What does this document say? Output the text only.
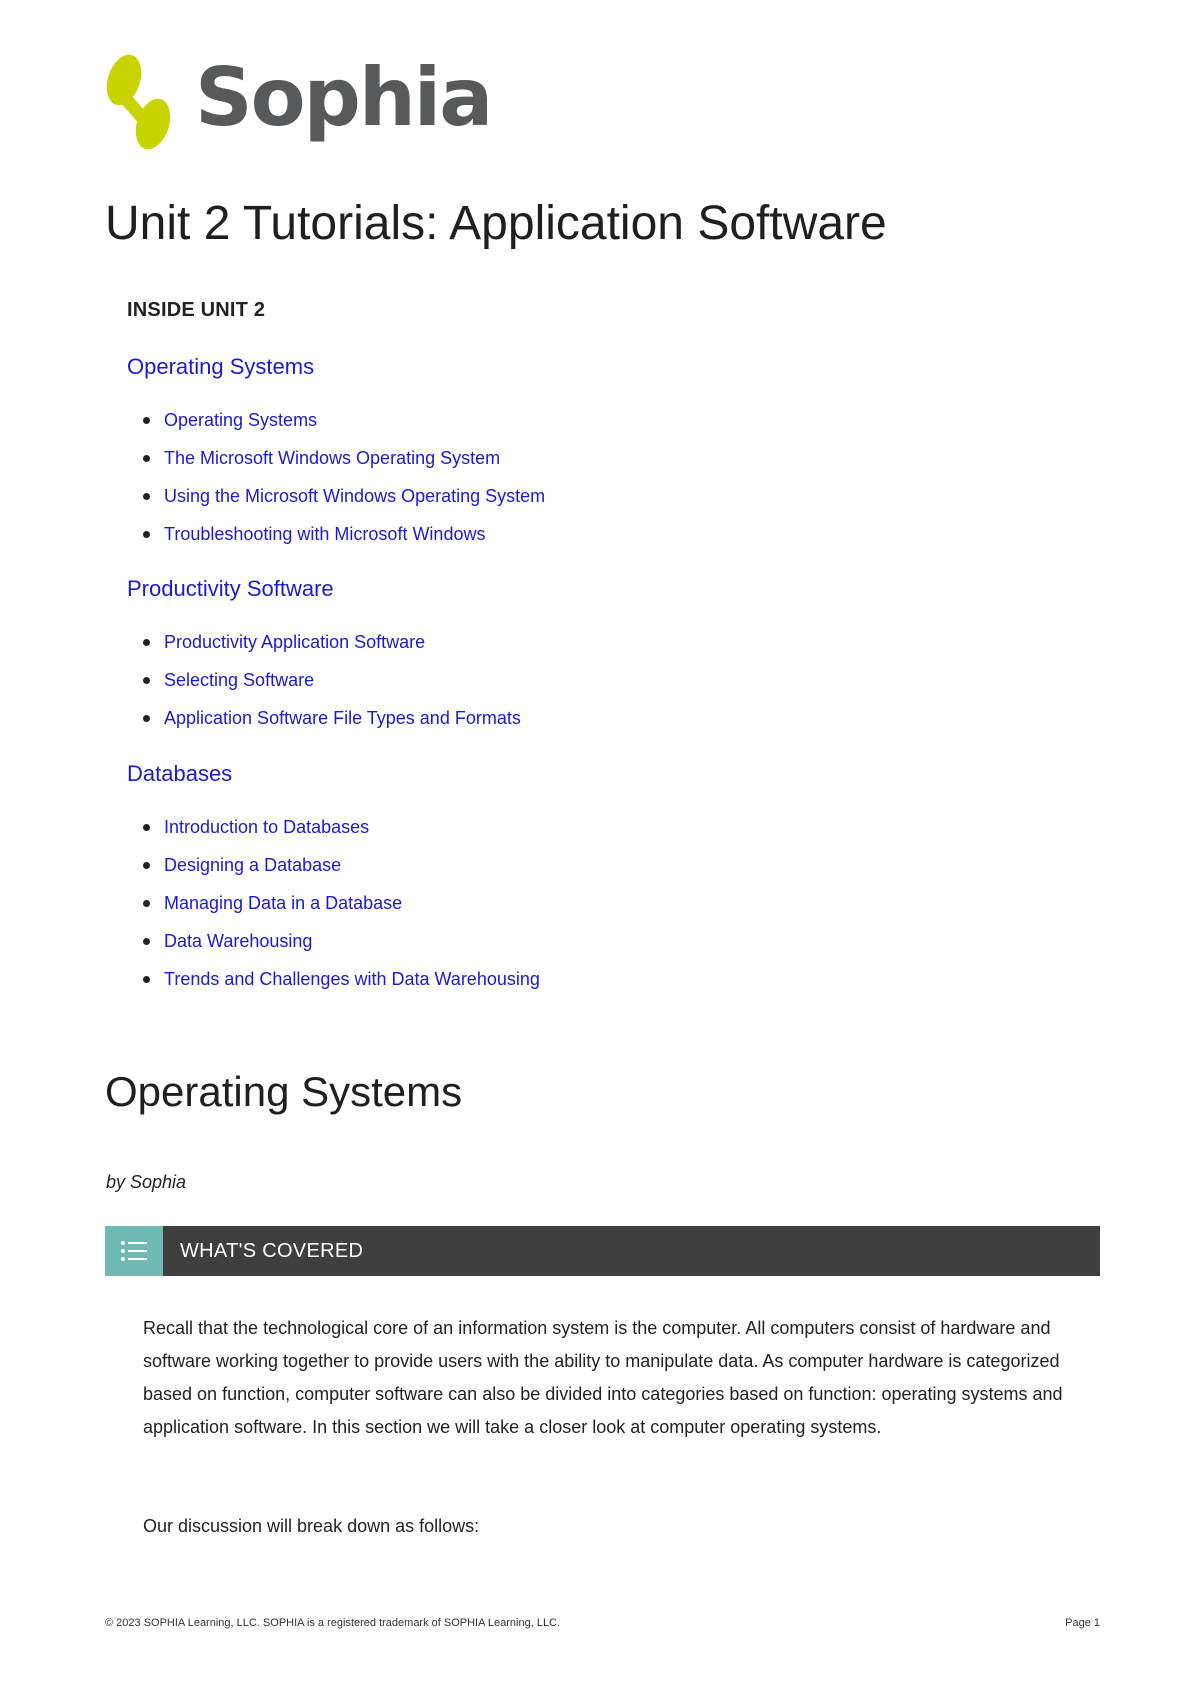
Sophia
Unit 2 Tutorials: Application Software
INSIDE UNIT 2
Operating Systems
Operating Systems
The Microsoft Windows Operating System
Using the Microsoft Windows Operating System
Troubleshooting with Microsoft Windows
Productivity Software
Productivity Application Software
Selecting Software
Application Software File Types and Formats
Databases
Introduction to Databases
Designing a Database
Managing Data in a Database
Data Warehousing
Trends and Challenges with Data Warehousing
Operating Systems
by Sophia
WHAT'S COVERED

Recall that the technological core of an information system is the computer. All computers consist of hardware and software working together to provide users with the ability to manipulate data. As computer hardware is categorized based on function, computer software can also be divided into categories based on function: operating systems and application software. In this section we will take a closer look at computer operating systems.

Our discussion will break down as follows:

© 2023 SOPHIA Learning, LLC. SOPHIA is a registered trademark of SOPHIA Learning, LLC.	Page 1
